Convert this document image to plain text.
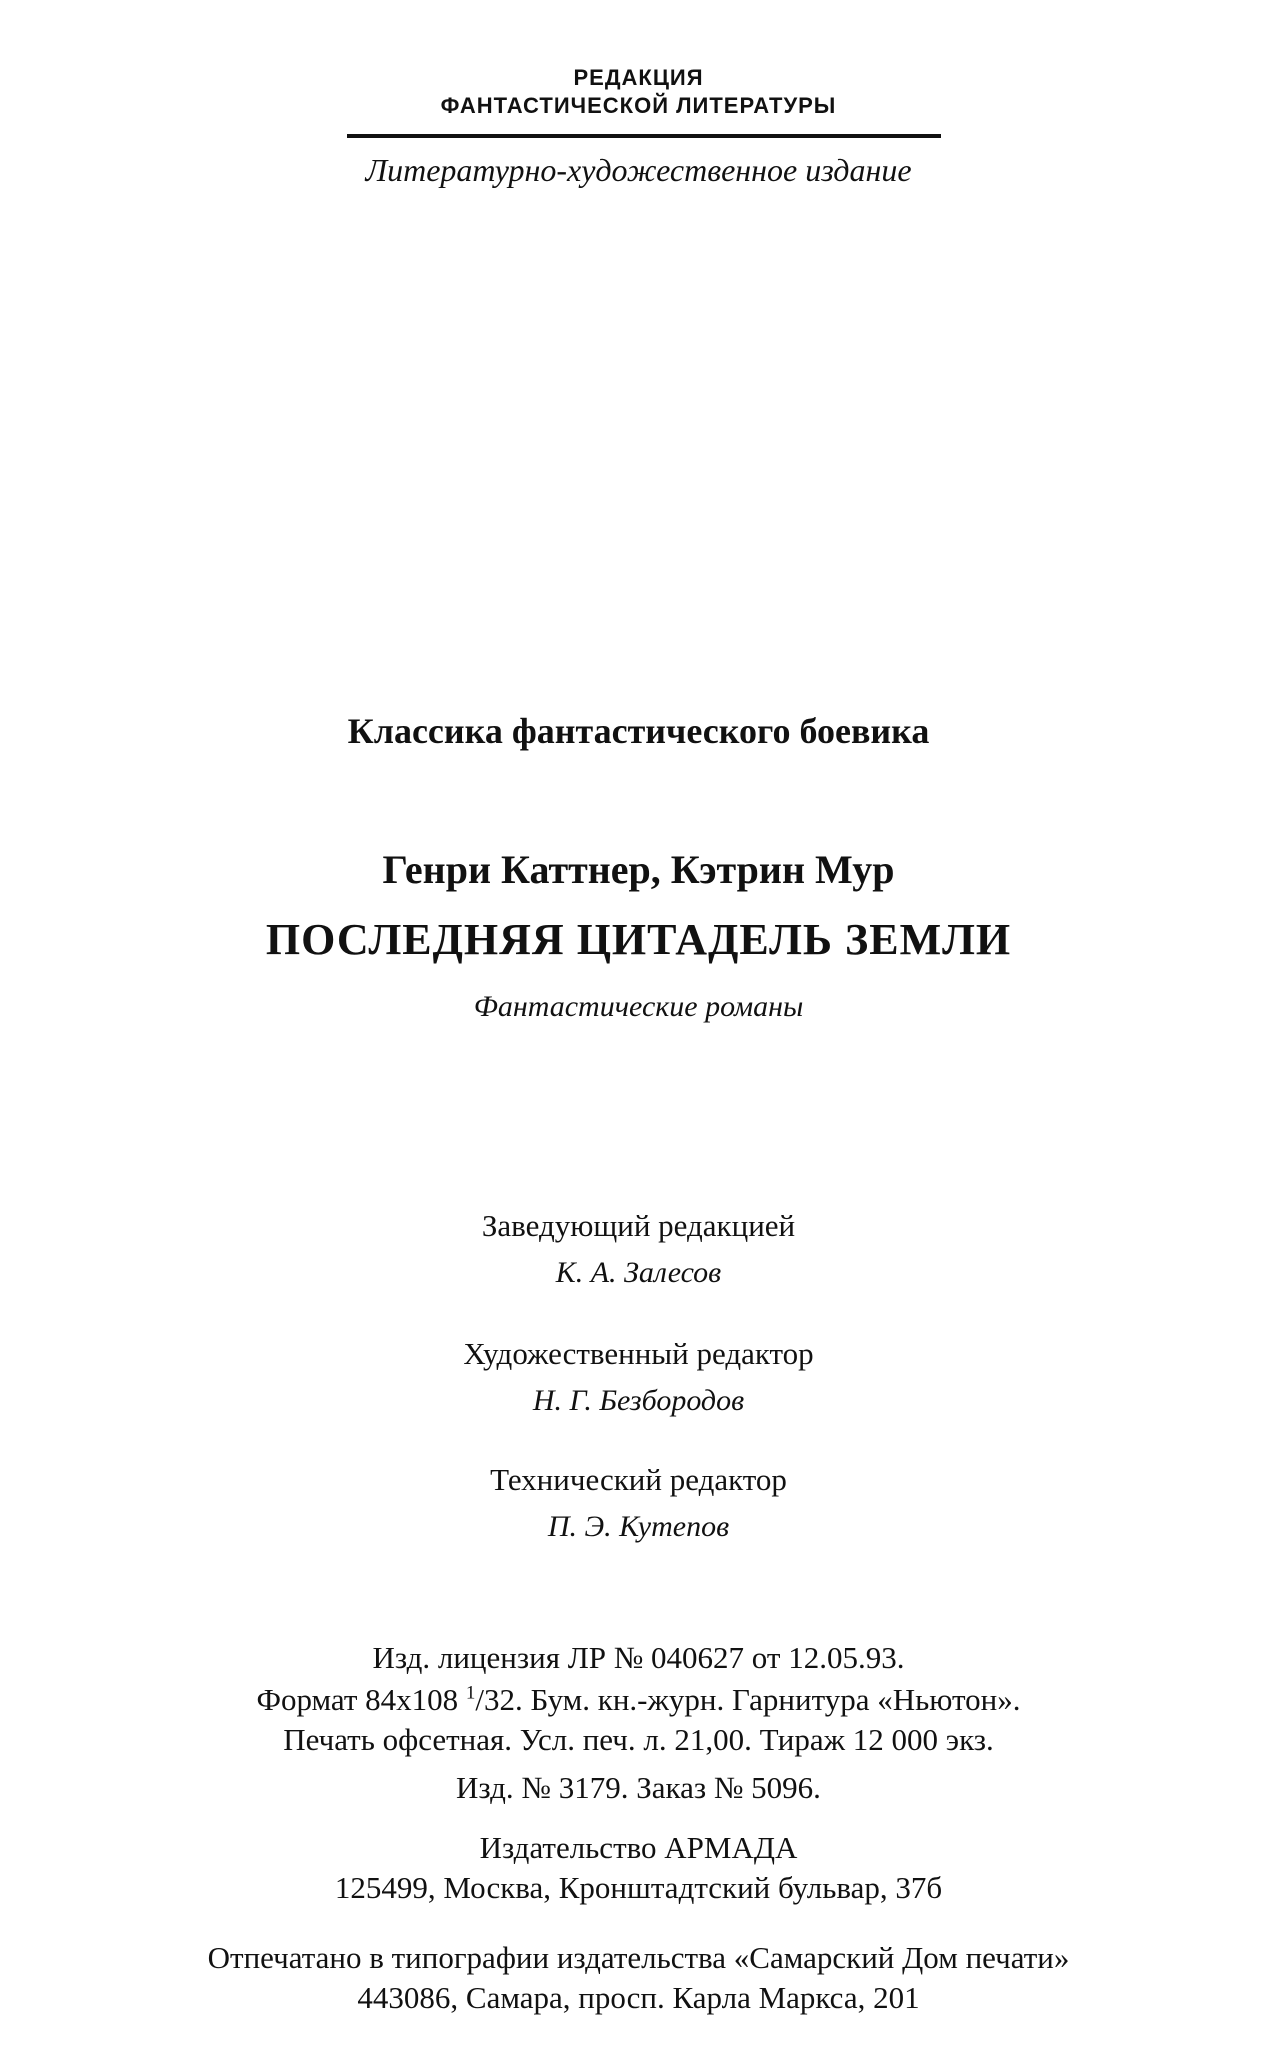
РЕДАКЦИЯ
ФАНТАСТИЧЕСКОЙ ЛИТЕРАТУРЫ
Литературно-художественное издание
Классика фантастического боевика
Генри Каттнер, Кэтрин Мур
ПОСЛЕДНЯЯ ЦИТАДЕЛЬ ЗЕМЛИ
Фантастические романы
Заведующий редакцией
К. А. Залесов
Художественный редактор
Н. Г. Безбородов
Технический редактор
П. Э. Кутепов
Изд. лицензия ЛР № 040627 от 12.05.93.
Формат 84х108 $^1$/32. Бум. кн.-журн. Гарнитура «Ньютон».
Печать офсетная. Усл. печ. л. 21,00. Тираж 12 000 экз.
Изд. № 3179. Заказ № 5096.
Издательство АРМАДА
125499, Москва, Кронштадтский бульвар, 37б
Отпечатано в типографии издательства «Самарский Дом печати»
443086, Самара, просп. Карла Маркса, 201
